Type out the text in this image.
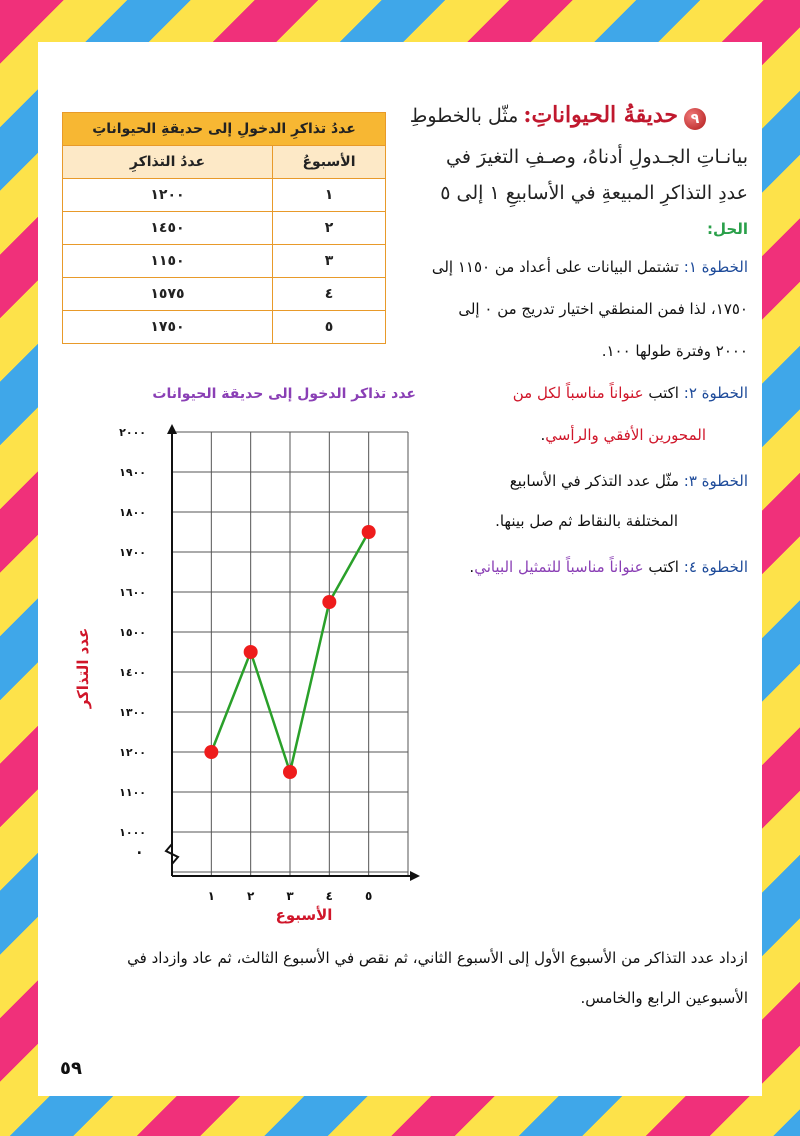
٩
حديقةُ الحيواناتِ: مثّل بالخطوطِ
بيانـاتِ الجـدولِ أدناهُ، وصـفِ التغيرَ في
عددِ التذاكرِ المبيعةِ في الأسابيعِ ١ إلى ٥
عددُ تذاكرِ الدخولِ إلى حديقةِ الحيواناتِ	
الأسبوعُ	عددُ التذاكرِ
١	١٢٠٠
٢	١٤٥٠
٣	١١٥٠
٤	١٥٧٥
٥	١٧٥٠
الحل:
الخطوة ١: تشتمل البيانات على أعداد من ١١٥٠ إلى
١٧٥٠، لذا فمن المنطقي اختيار تدريج من ٠ إلى
٢٠٠٠ وفترة طولها ١٠٠.
الخطوة ٢: اكتب عنواناً مناسباً لكل من
المحورين الأفقي والرأسي.
الخطوة ٣: مثّل عدد التذكر في الأسابيع
المختلفة بالنقاط ثم صل بينها.
الخطوة ٤: اكتب عنواناً مناسباً للتمثيل البياني.
عدد تذاكر الدخول إلى حديقة الحيوانات
١٠٠٠
١١٠٠
١٢٠٠
١٣٠٠
١٤٠٠
١٥٠٠
١٦٠٠
١٧٠٠
١٨٠٠
١٩٠٠
٢٠٠٠
.
١	٢	٣	٤	٥
الأسبوع
عدد التذاكر
ازداد عدد التذاكر من الأسبوع الأول إلى الأسبوع الثاني، ثم نقص في الأسبوع الثالث، ثم عاد وازداد في
الأسبوعين الرابع والخامس.
٥٩
